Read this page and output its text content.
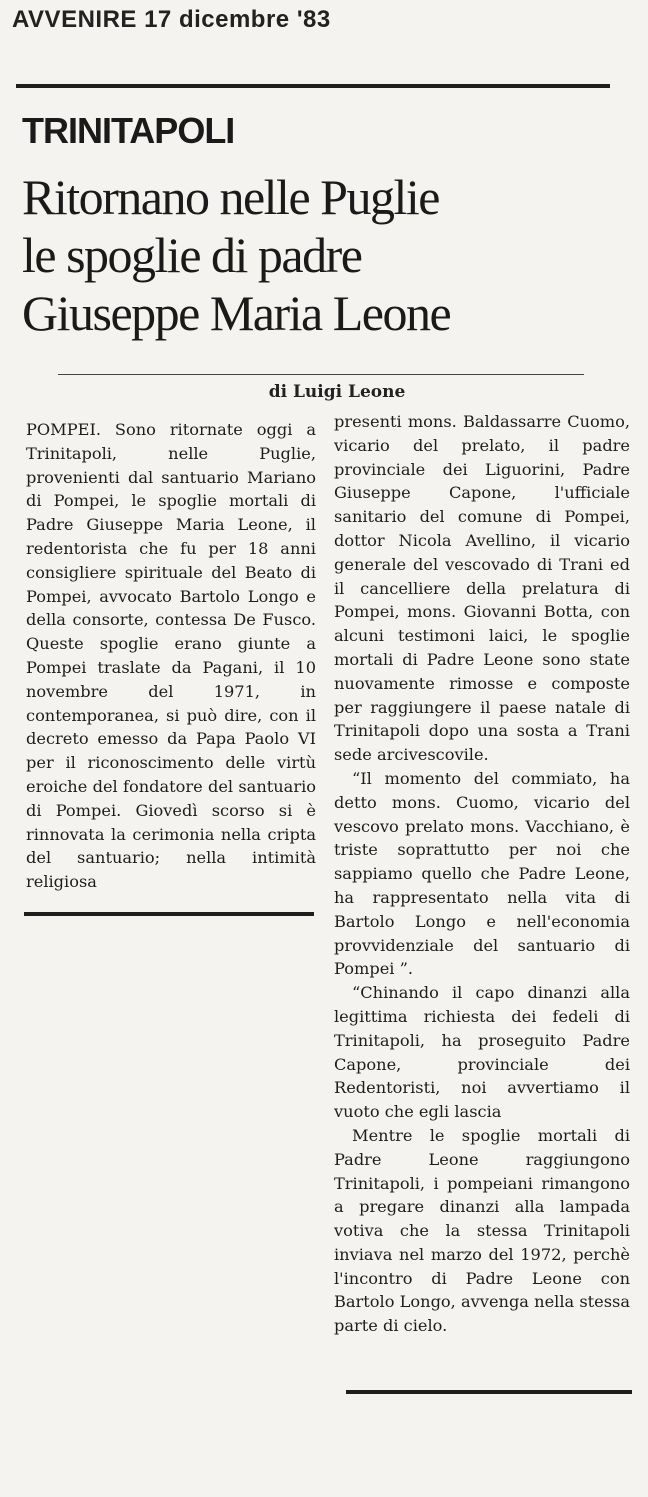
AVVENIRE 17 dicembre '83
TRINITAPOLI
Ritornano nelle Puglie
le spoglie di padre
Giuseppe Maria Leone
di Luigi Leone

POMPEI. Sono ritornate oggi a Trinitapoli, nelle Puglie, provenienti dal santuario Mariano di Pompei, le spoglie mortali di Padre Giuseppe Maria Leone, il redentorista che fu per 18 anni consigliere spirituale del Beato di Pompei, avvocato Bartolo Longo e della consorte, contessa De Fusco. Queste spoglie erano giunte a Pompei traslate da Pagani, il 10 novembre del 1971, in contemporanea, si può dire, con il decreto emesso da Papa Paolo VI per il riconoscimento delle virtù eroiche del fondatore del santuario di Pompei. Giovedì scorso si è rinnovata la cerimonia nella cripta del santuario; nella intimità religiosa

presenti mons. Baldassarre Cuomo, vicario del prelato, il padre provinciale dei Liguorini, Padre Giuseppe Capone, l'ufficiale sanitario del comune di Pompei, dottor Nicola Avellino, il vicario generale del vescovado di Trani ed il cancelliere della prelatura di Pompei, mons. Giovanni Botta, con alcuni testimoni laici, le spoglie mortali di Padre Leone sono state nuovamente rimosse e composte per raggiungere il paese natale di Trinitapoli dopo una sosta a Trani sede arcivescovile.

“Il momento del commiato, ha detto mons. Cuomo, vicario del vescovo prelato mons. Vacchiano, è triste soprattutto per noi che sappiamo quello che Padre Leone, ha rappresentato nella vita di Bartolo Longo e nell'economia provvidenziale del santuario di Pompei ”.

“Chinando il capo dinanzi alla legittima richiesta dei fedeli di Trinitapoli, ha proseguito Padre Capone, provinciale dei Redentoristi, noi avvertiamo il vuoto che egli lascia

Mentre le spoglie mortali di Padre Leone raggiungono Trinitapoli, i pompeiani rimangono a pregare dinanzi alla lampada votiva che la stessa Trinitapoli inviava nel marzo del 1972, perchè l'incontro di Padre Leone con Bartolo Longo, avvenga nella stessa parte di cielo.
